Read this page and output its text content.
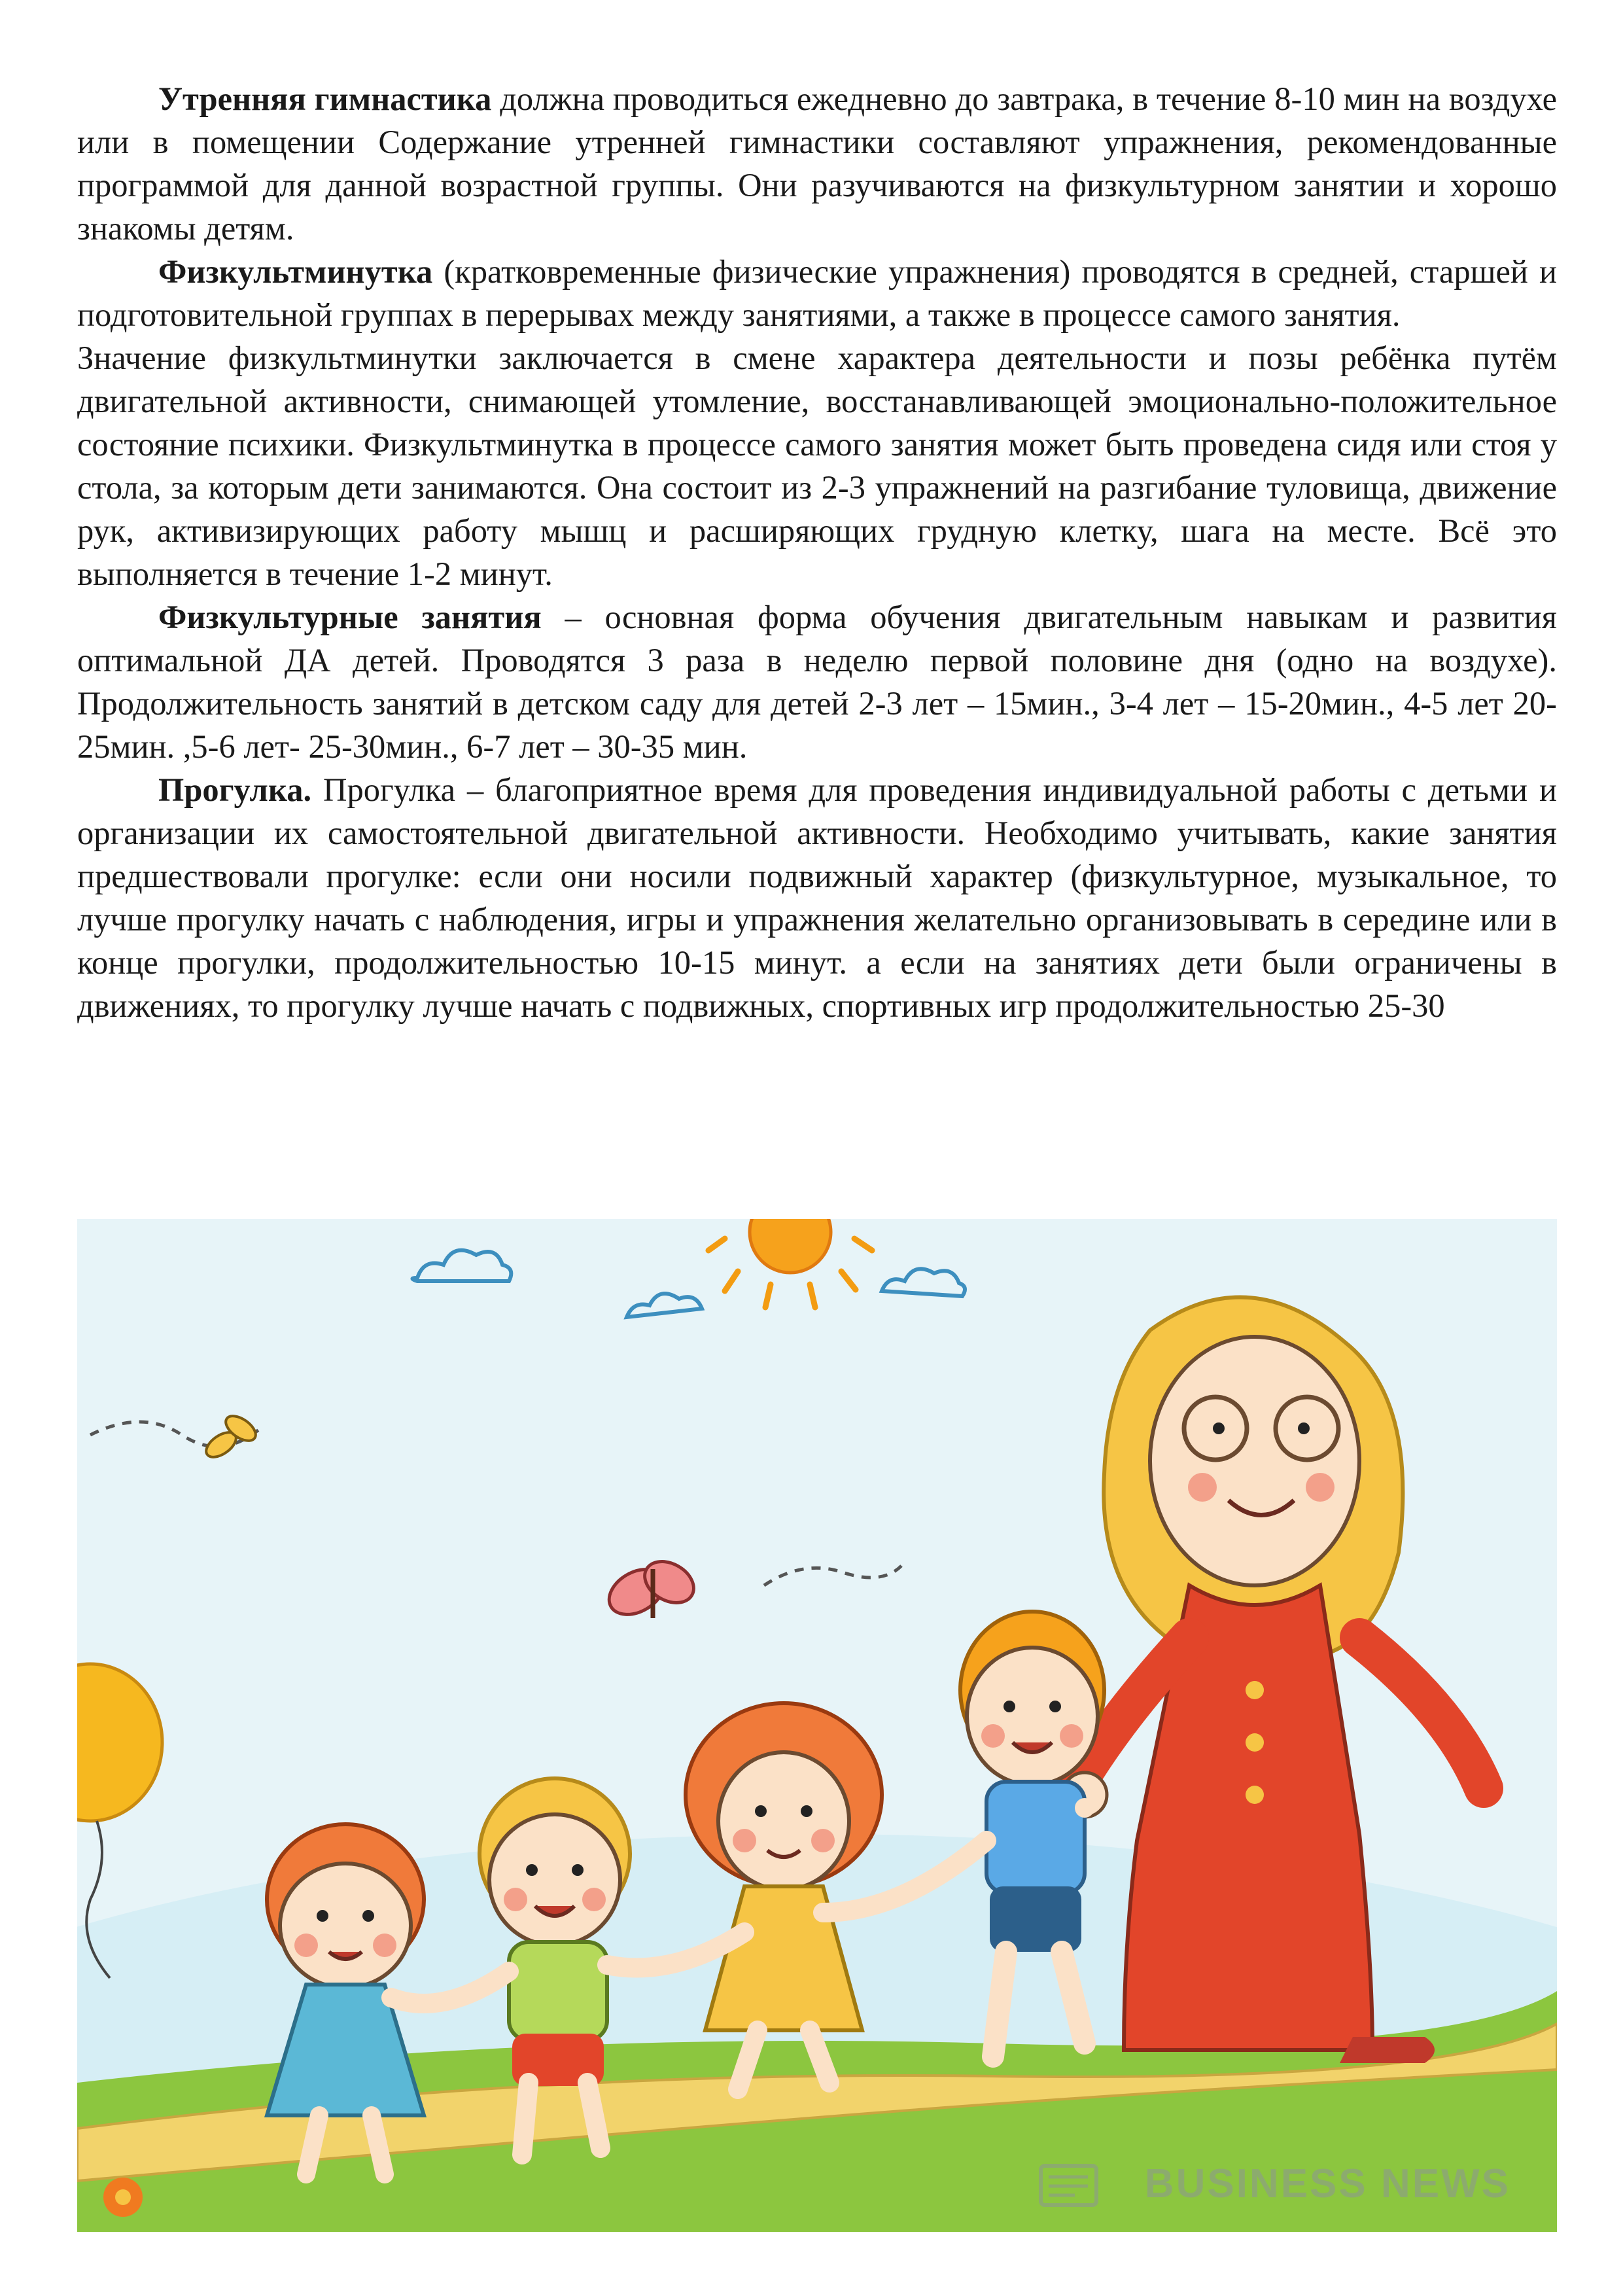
Утренняя гимнастика должна проводиться ежедневно до завтрака, в течение 8-10 мин на воздухе или в помещении Содержание утренней гимнастики составляют упражнения, рекомендованные программой для данной возрастной группы. Они разучиваются на физкультурном занятии и хорошо знакомы детям.

Физкультминутка (кратковременные физические упражнения) проводятся в средней, старшей и подготовительной группах в перерывах между занятиями, а также в процессе самого занятия.

Значение физкультминутки заключается в смене характера деятельности и позы ребёнка путём двигательной активности, снимающей утомление, восстанавливающей эмоционально-положительное состояние психики. Физкультминутка в процессе самого занятия может быть проведена сидя или стоя у стола, за которым дети занимаются. Она состоит из 2-3 упражнений на разгибание туловища, движение рук, активизирующих работу мышц и расширяющих грудную клетку, шага на месте. Всё это выполняется в течение 1-2 минут.

Физкультурные занятия – основная форма обучения двигательным навыкам и развития оптимальной ДА детей. Проводятся 3 раза в неделю первой половине дня (одно на воздухе). Продолжительность занятий в детском саду для детей 2-3 лет – 15мин., 3-4 лет – 15-20мин., 4-5 лет 20-25мин. ,5-6 лет- 25-30мин., 6-7 лет – 30-35 мин.

Прогулка. Прогулка – благоприятное время для проведения индивидуальной работы с детьми и организации их самостоятельной двигательной активности. Необходимо учитывать, какие занятия предшествовали прогулке: если они носили подвижный характер (физкультурное, музыкальное, то лучше прогулку начать с наблюдения, игры и упражнения желательно организовывать в середине или в конце прогулки, продолжительностью 10-15 минут. а если на занятиях дети были ограничены в движениях, то прогулку лучше начать с подвижных, спортивных игр продолжительностью 25-30

BUSINESS NEWS
